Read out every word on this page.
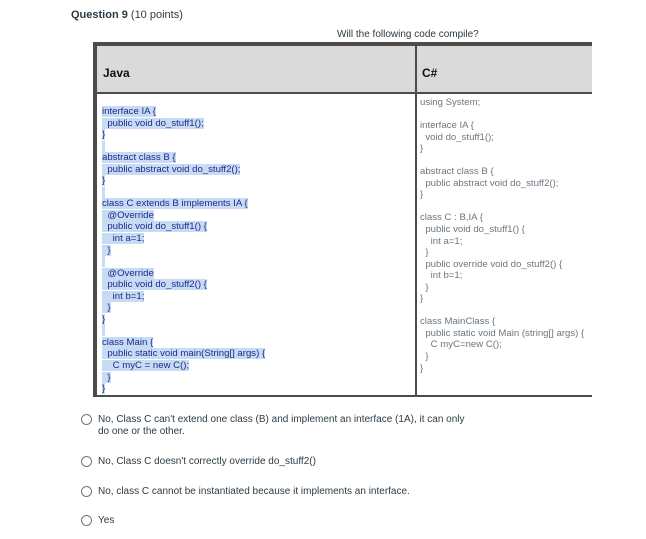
Question 9 (10 points)
Will the following code compile?
Java	C#
interface IA {
public void do_stuff1();
}

abstract class B {
public abstract void do_stuff2();
}

class C extends B implements IA {
@Override
public void do_stuff1() {
int a=1;
}

@Override
public void do_stuff2() {
int b=1;
}
}

class Main {
public static void main(String[] args) {
C myC = new C();
}
}
using System;

interface IA {
void do_stuff1();
}

abstract class B {
public abstract void do_stuff2();
}

class C : B,IA {
public void do_stuff1() {
int a=1;
}
public override void do_stuff2() {
int b=1;
}
}

class MainClass {
public static void Main (string[] args) {
C myC=new C();
}
}
No, Class C can't extend one class (B) and implement an interface (1A), it can only do one or the other.
No, Class C doesn't correctly override do_stuff2()
No, class C cannot be instantiated because it implements an interface.
Yes
